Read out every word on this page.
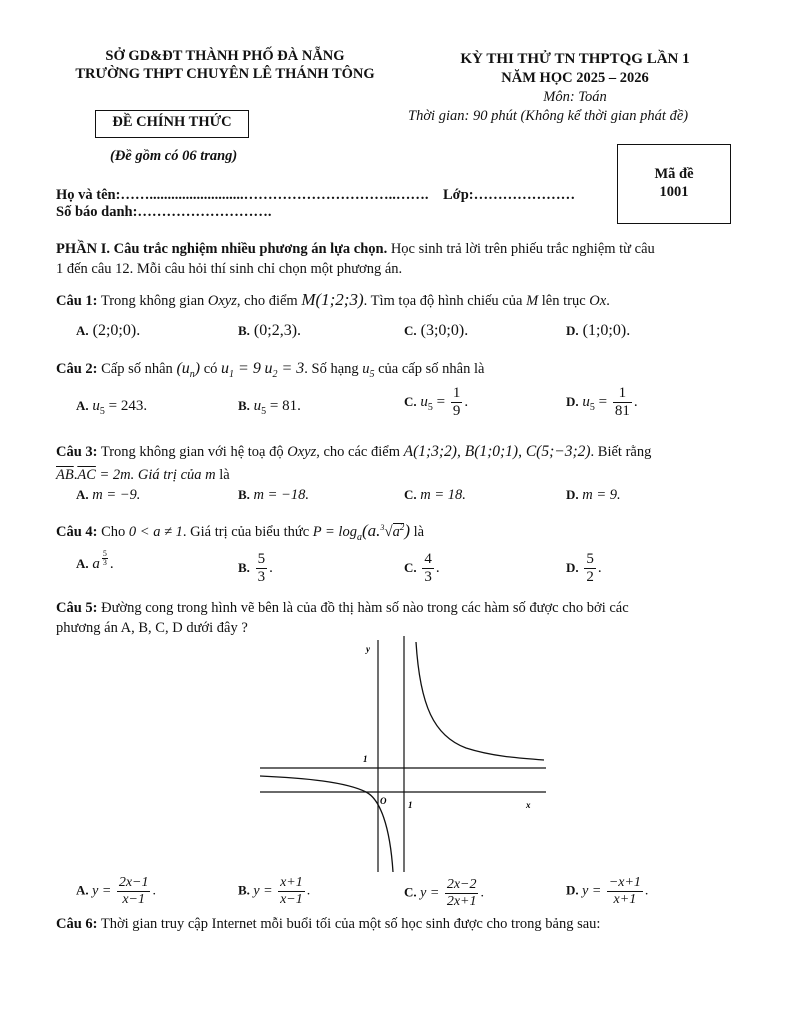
SỞ GD&ĐT THÀNH PHỐ ĐÀ NẴNG
TRƯỜNG THPT CHUYÊN LÊ THÁNH TÔNG
KỲ THI THỬ TN THPTQG LẦN 1
NĂM HỌC 2025 – 2026
Môn: Toán
Thời gian: 90 phút (Không kể thời gian phát đề)
ĐỀ CHÍNH THỨC
(Đề gồm có 06 trang)
Mã đề
1001
Họ và tên:……..........................…………………………..……. Lớp:…………………
Số báo danh:……………………….
PHẦN I. Câu trắc nghiệm nhiều phương án lựa chọn. Học sinh trả lời trên phiếu trắc nghiệm từ câu
1 đến câu 12. Mỗi câu hỏi thí sinh chỉ chọn một phương án.
Câu 1: Trong không gian Oxyz, cho điểm M(1;2;3). Tìm tọa độ hình chiếu của M lên trục Ox.
A. (2;0;0).	B. (0;2,3).	C. (3;0;0).	D. (1;0;0).
Câu 2: Cấp số nhân $(u_n)$ có $u_1 = 9$ $u_2 = 3$. Số hạng $u_5$ của cấp số nhân là
A. $u_5 = 243$.	B. $u_5 = 81$.	C. $u_5 = \frac{1}{9}$ .	D. $u_5 = \frac{1}{81}$ .
Câu 3: Trong không gian với hệ toạ độ Oxyz, cho các điểm A(1;3;2), B(1;0;1), C(5;−3;2). Biết rằng
$\overline{AB}.\overline{AC} = 2m$. Giá trị của m là
A. m = −9.	B. m = −18.	C. m = 18.	D. m = 9.
Câu 4: Cho 0 < a ≠ 1. Giá trị của biểu thức $P = \log_a(a.^3√a^2)$ là
A. a $\frac{5}{3}$ .	B. $\frac{5}{3}$ .	C. $\frac{4}{3}$ .	D. $\frac{5}{2}$ .
Câu 5: Đường cong trong hình vẽ bên là của đồ thị hàm số nào trong các hàm số được cho bởi các
phương án A, B, C, D dưới đây ?
y
x
O
1
1
A. $y = \frac{2x-1}{x-1}$ .	B. $y = \frac{x+1}{x-1}$ .	C. $y = \frac{2x-2}{2x+1}$ .	D. $y = \frac{-x+1}{x+1}$ .
Câu 6: Thời gian truy cập Internet mỗi buổi tối của một số học sinh được cho trong bảng sau:
